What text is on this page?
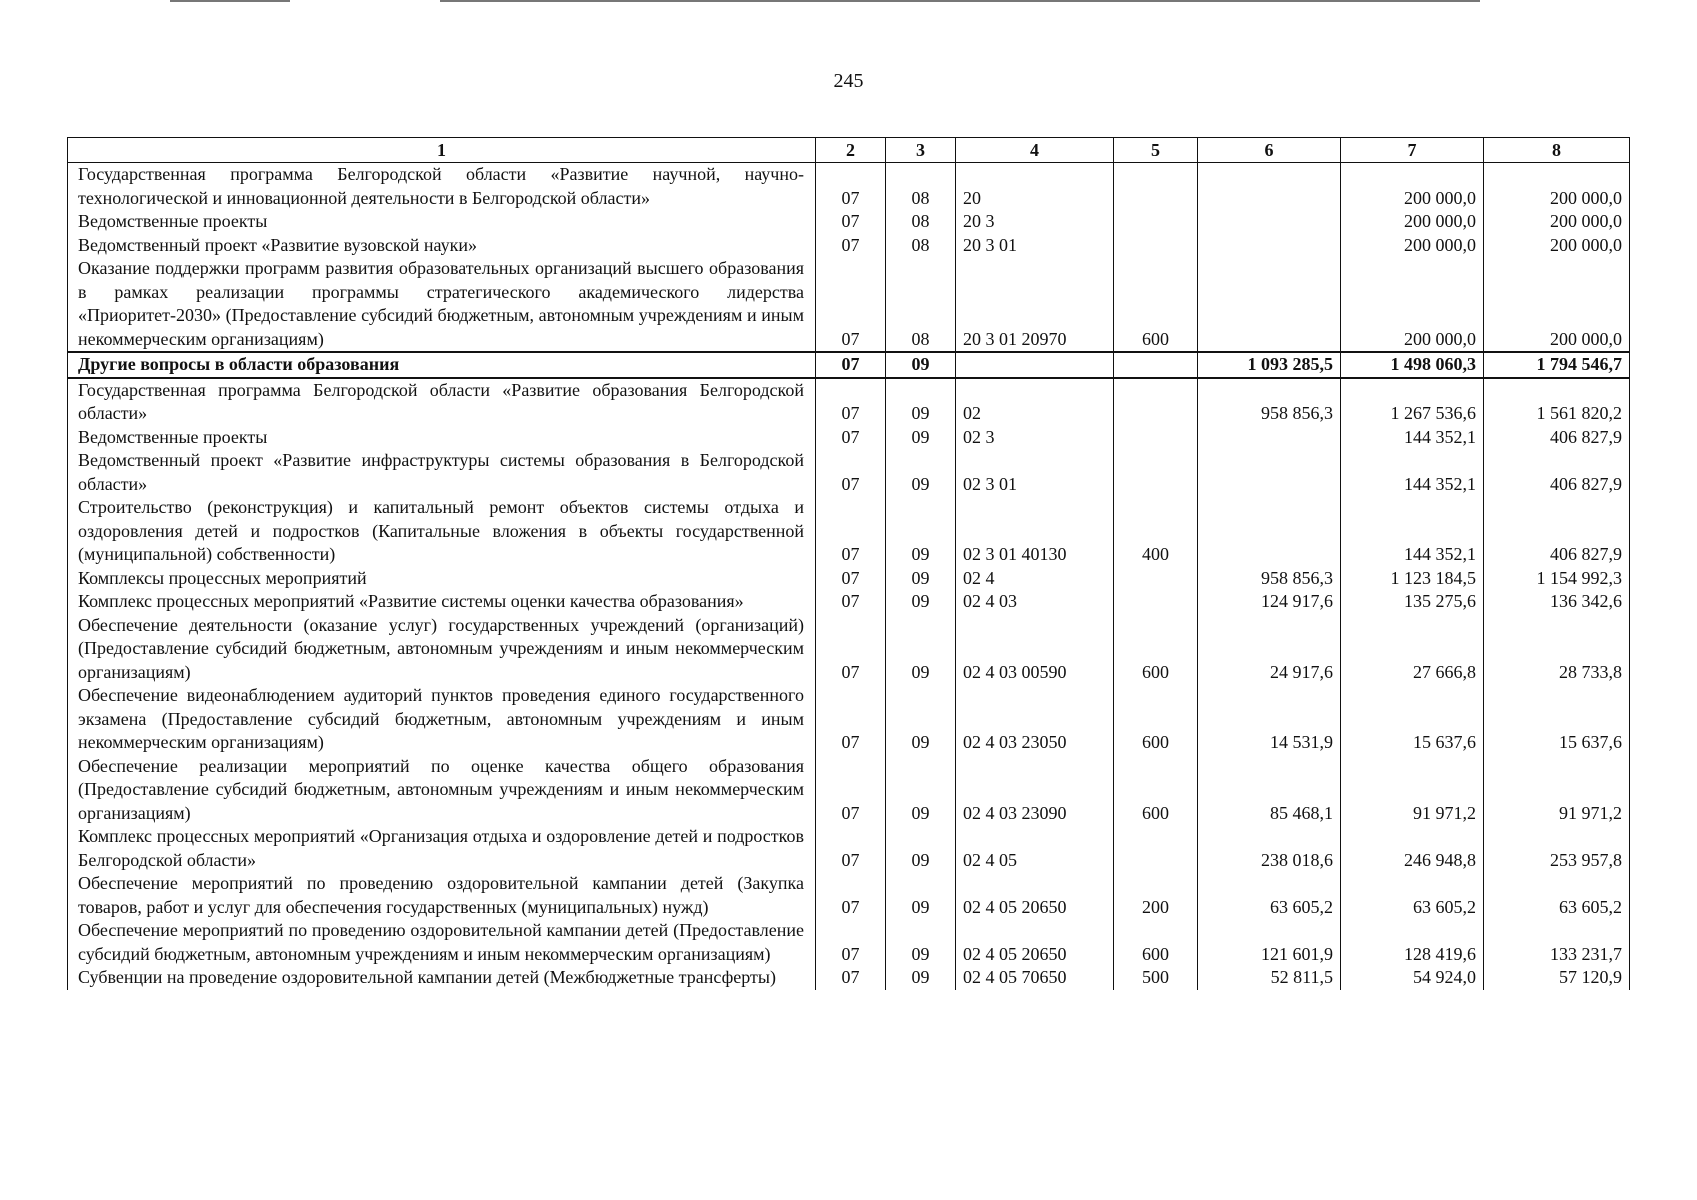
245
1	2	3	4	5	6	7	8
Государственная программа Белгородской области «Развитие научной, научно-технологической и инновационной деятельности в Белгородской области»	07	08	20			200 000,0	200 000,0
Ведомственные проекты	07	08	20 3			200 000,0	200 000,0
Ведомственный проект «Развитие вузовской науки»	07	08	20 3 01			200 000,0	200 000,0
Оказание поддержки программ развития образовательных организаций высшего образования в рамках реализации программы стратегического академического лидерства «Приоритет-2030» (Предоставление субсидий бюджетным, автономным учреждениям и иным некоммерческим организациям)	07	08	20 3 01 20970	600		200 000,0	200 000,0
Другие вопросы в области образования	07	09			1 093 285,5	1 498 060,3	1 794 546,7
Государственная программа Белгородской области «Развитие образования Белгородской области»	07	09	02		958 856,3	1 267 536,6	1 561 820,2
Ведомственные проекты	07	09	02 3			144 352,1	406 827,9
Ведомственный проект «Развитие инфраструктуры системы образования в Белгородской области»	07	09	02 3 01			144 352,1	406 827,9
Строительство (реконструкция) и капитальный ремонт объектов системы отдыха и оздоровления детей и подростков (Капитальные вложения в объекты государственной (муниципальной) собственности)	07	09	02 3 01 40130	400		144 352,1	406 827,9
Комплексы процессных мероприятий	07	09	02 4		958 856,3	1 123 184,5	1 154 992,3
Комплекс процессных мероприятий «Развитие системы оценки качества образования»	07	09	02 4 03		124 917,6	135 275,6	136 342,6
Обеспечение деятельности (оказание услуг) государственных учреждений (организаций) (Предоставление субсидий бюджетным, автономным учреждениям и иным некоммерческим организациям)	07	09	02 4 03 00590	600	24 917,6	27 666,8	28 733,8
Обеспечение видеонаблюдением аудиторий пунктов проведения единого государственного экзамена (Предоставление субсидий бюджетным, автономным учреждениям и иным некоммерческим организациям)	07	09	02 4 03 23050	600	14 531,9	15 637,6	15 637,6
Обеспечение реализации мероприятий по оценке качества общего образования (Предоставление субсидий бюджетным, автономным учреждениям и иным некоммерческим организациям)	07	09	02 4 03 23090	600	85 468,1	91 971,2	91 971,2
Комплекс процессных мероприятий «Организация отдыха и оздоровление детей и подростков Белгородской области»	07	09	02 4 05		238 018,6	246 948,8	253 957,8
Обеспечение мероприятий по проведению оздоровительной кампании детей (Закупка товаров, работ и услуг для обеспечения государственных (муниципальных) нужд)	07	09	02 4 05 20650	200	63 605,2	63 605,2	63 605,2
Обеспечение мероприятий по проведению оздоровительной кампании детей (Предоставление субсидий бюджетным, автономным учреждениям и иным некоммерческим организациям)	07	09	02 4 05 20650	600	121 601,9	128 419,6	133 231,7
Субвенции на проведение оздоровительной кампании детей (Межбюджетные трансферты)	07	09	02 4 05 70650	500	52 811,5	54 924,0	57 120,9
